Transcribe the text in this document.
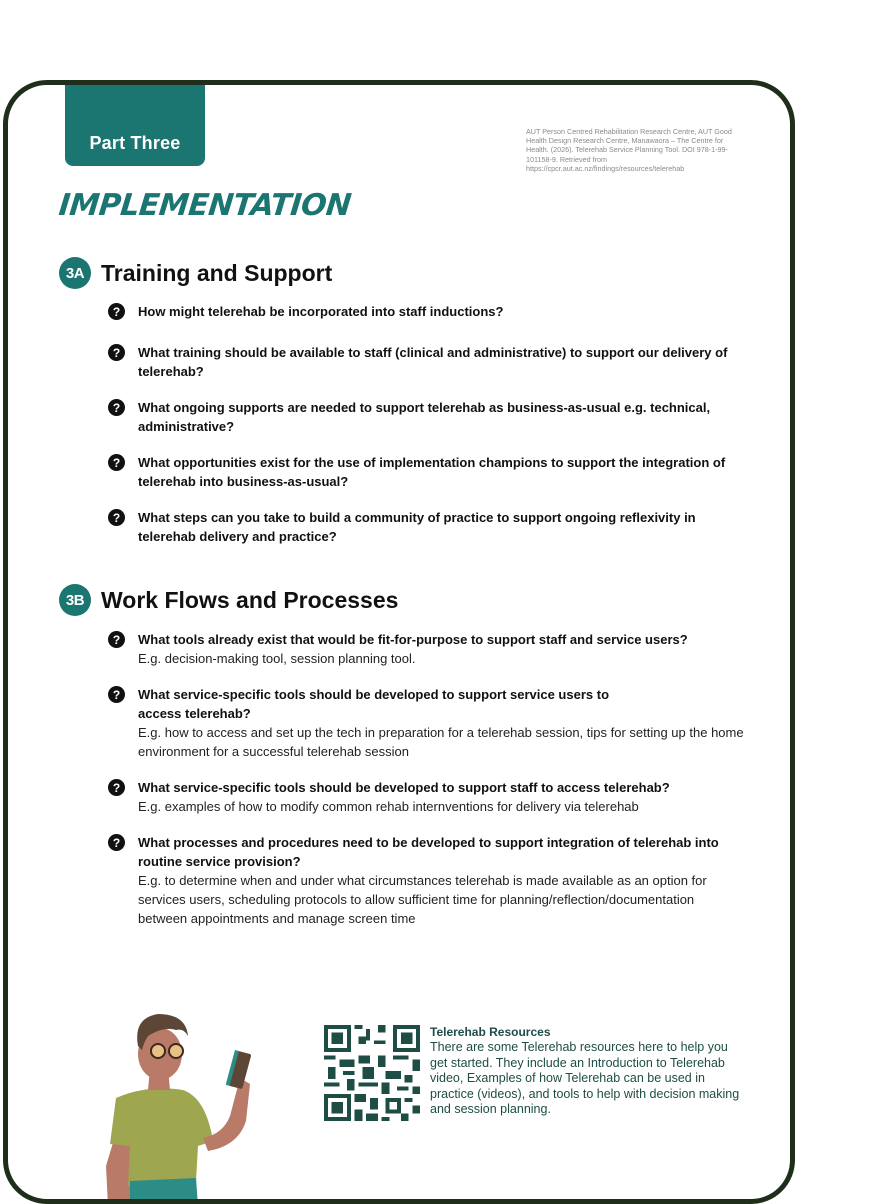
Part Three
AUT Person Centred Rehabilitation Research Centre, AUT Good Health Design Research Centre, Manawaora – The Centre for Health. (2026). Telerehab Service Planning Tool. DOI 978-1-99-101158-9. Retrieved from https://cpcr.aut.ac.nz/findings/resources/telerehab
IMPLEMENTATION
3A Training and Support
?	How might telerehab be incorporated into staff inductions?
?	What training should be available to staff (clinical and administrative) to support our delivery of telerehab?
?	What ongoing supports are needed to support telerehab as business-as-usual e.g. technical, administrative?
?	What opportunities exist for the use of implementation champions to support the integration of telerehab into business-as-usual?
?	What steps can you take to build a community of practice to support ongoing reflexivity in telerehab delivery and practice?
3B Work Flows and Processes
?	What tools already exist that would be fit-for-purpose to support staff and service users?
E.g. decision-making tool, session planning tool.
?	What service-specific tools should be developed to support service users to access telerehab?
E.g. how to access and set up the tech in preparation for a telerehab session, tips for setting up the home environment for a successful telerehab session
?	What service-specific tools should be developed to support staff to access telerehab?
E.g. examples of how to modify common rehab internventions for delivery via telerehab
?	What processes and procedures need to be developed to support integration of telerehab into routine service provision?
E.g. to determine when and under what circumstances telerehab is made available as an option for services users, scheduling protocols to allow sufficient time for planning/reflection/documentation between appointments and manage screen time
Telerehab Resources
There are some Telerehab resources here to help you get started. They include an Introduction to Telerehab video, Examples of how Telerehab can be used in practice (videos), and tools to help with decision making and session planning.
